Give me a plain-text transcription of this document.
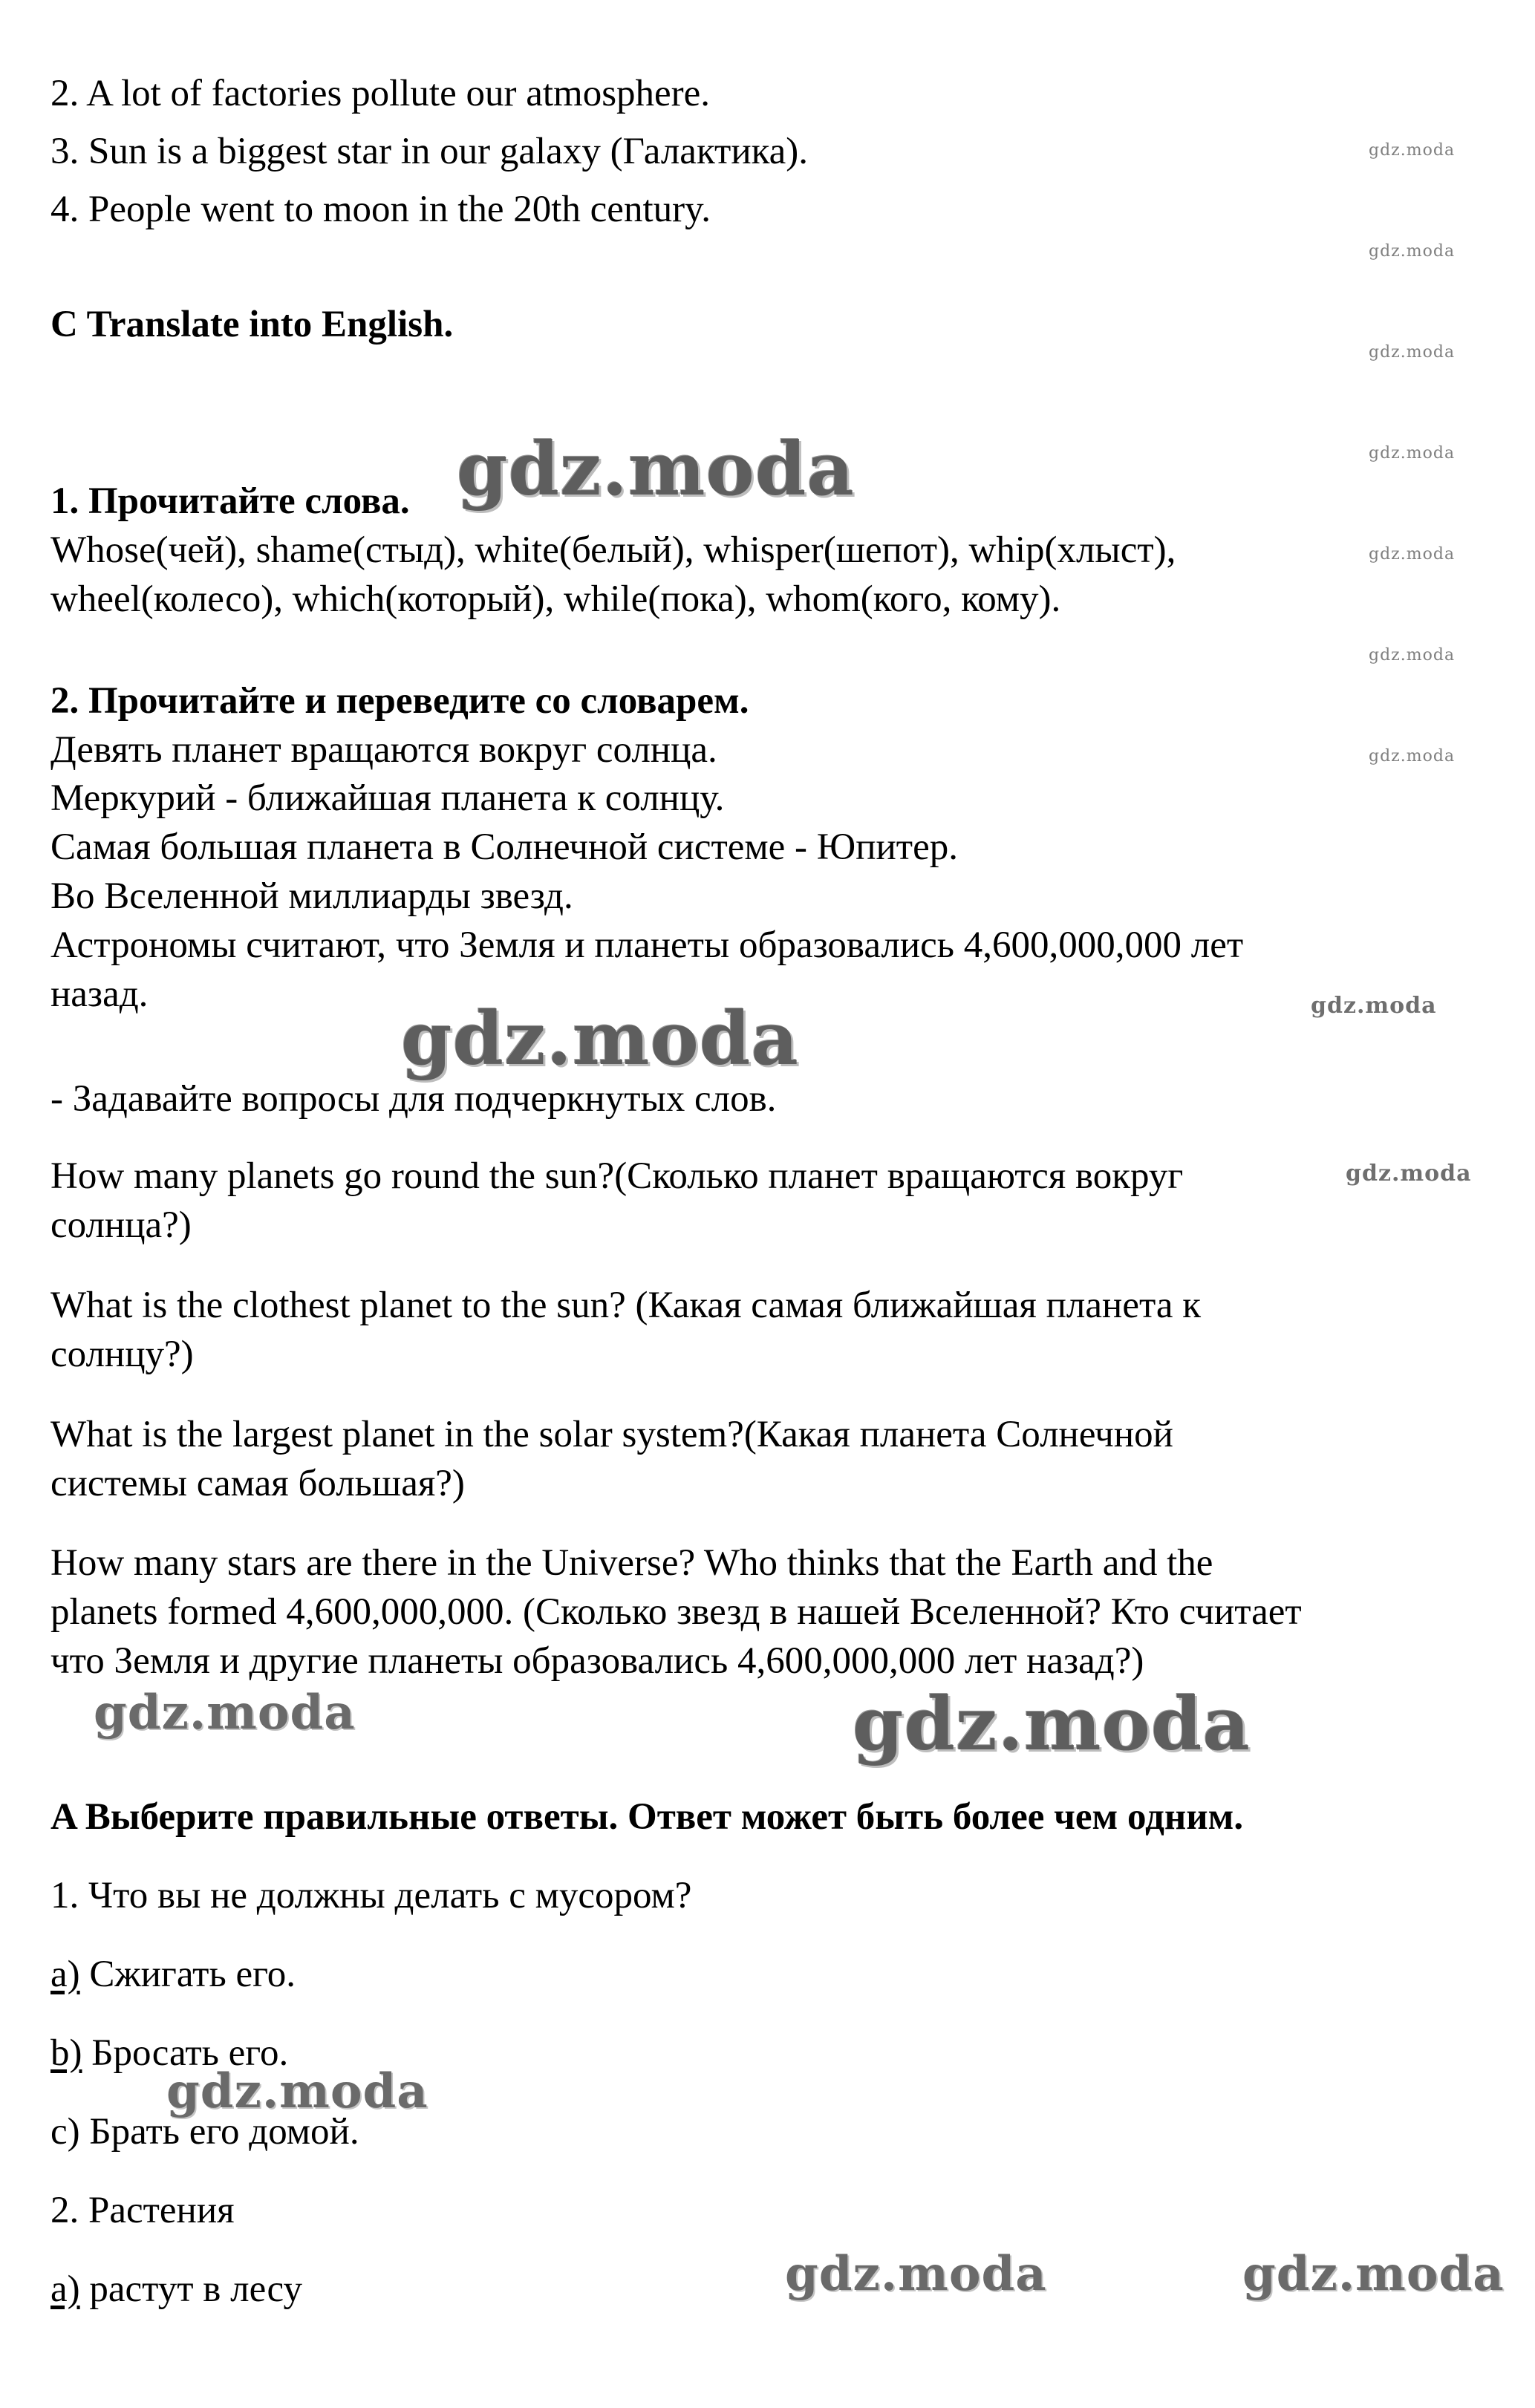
2. A lot of factories pollute our atmosphere.

3. Sun is a biggest star in our galaxy (Галактика).

4. People went to moon in the 20th century.

C Translate into English.

1. Прочитайте слова.

Whose(чей), shame(стыд), white(белый), whisper(шепот), whip(хлыст),

wheel(колесо), which(который), while(пока), whom(кого, кому).

2. Прочитайте и переведите со словарем.

Девять планет вращаются вокруг солнца.

Меркурий - ближайшая планета к солнцу.

Самая большая планета в Солнечной системе - Юпитер.

Во Вселенной миллиарды звезд.

Астрономы считают, что Земля и планеты образовались 4,600,000,000 лет

назад.

- Задавайте вопросы для подчеркнутых слов.

How many planets go round the sun?(Сколько планет вращаются вокруг

солнца?)

What is the clothest planet to the sun? (Какая самая ближайшая планета к

солнцу?)

What is the largest planet in the solar system?(Какая планета Солнечной

системы самая большая?)

How many stars are there in the Universe? Who thinks that the Earth and the

planets formed 4,600,000,000. (Сколько звезд в нашей Вселенной? Кто считает

что Земля и другие планеты образовались 4,600,000,000 лет назад?)

A Выберите правильные ответы. Ответ может быть более чем одним.

1. Что вы не должны делать с мусором?

a) Сжигать его.

b) Бросать его.

c) Брать его домой.

2. Растения

a) растут в лесу

gdz.moda
gdz.moda
gdz.moda
gdz.moda
gdz.moda
gdz.moda
gdz.moda
gdz.moda
gdz.moda
gdz.moda
gdz.moda
gdz.moda	gdz.moda
gdz.moda
gdz.moda	gdz.moda
